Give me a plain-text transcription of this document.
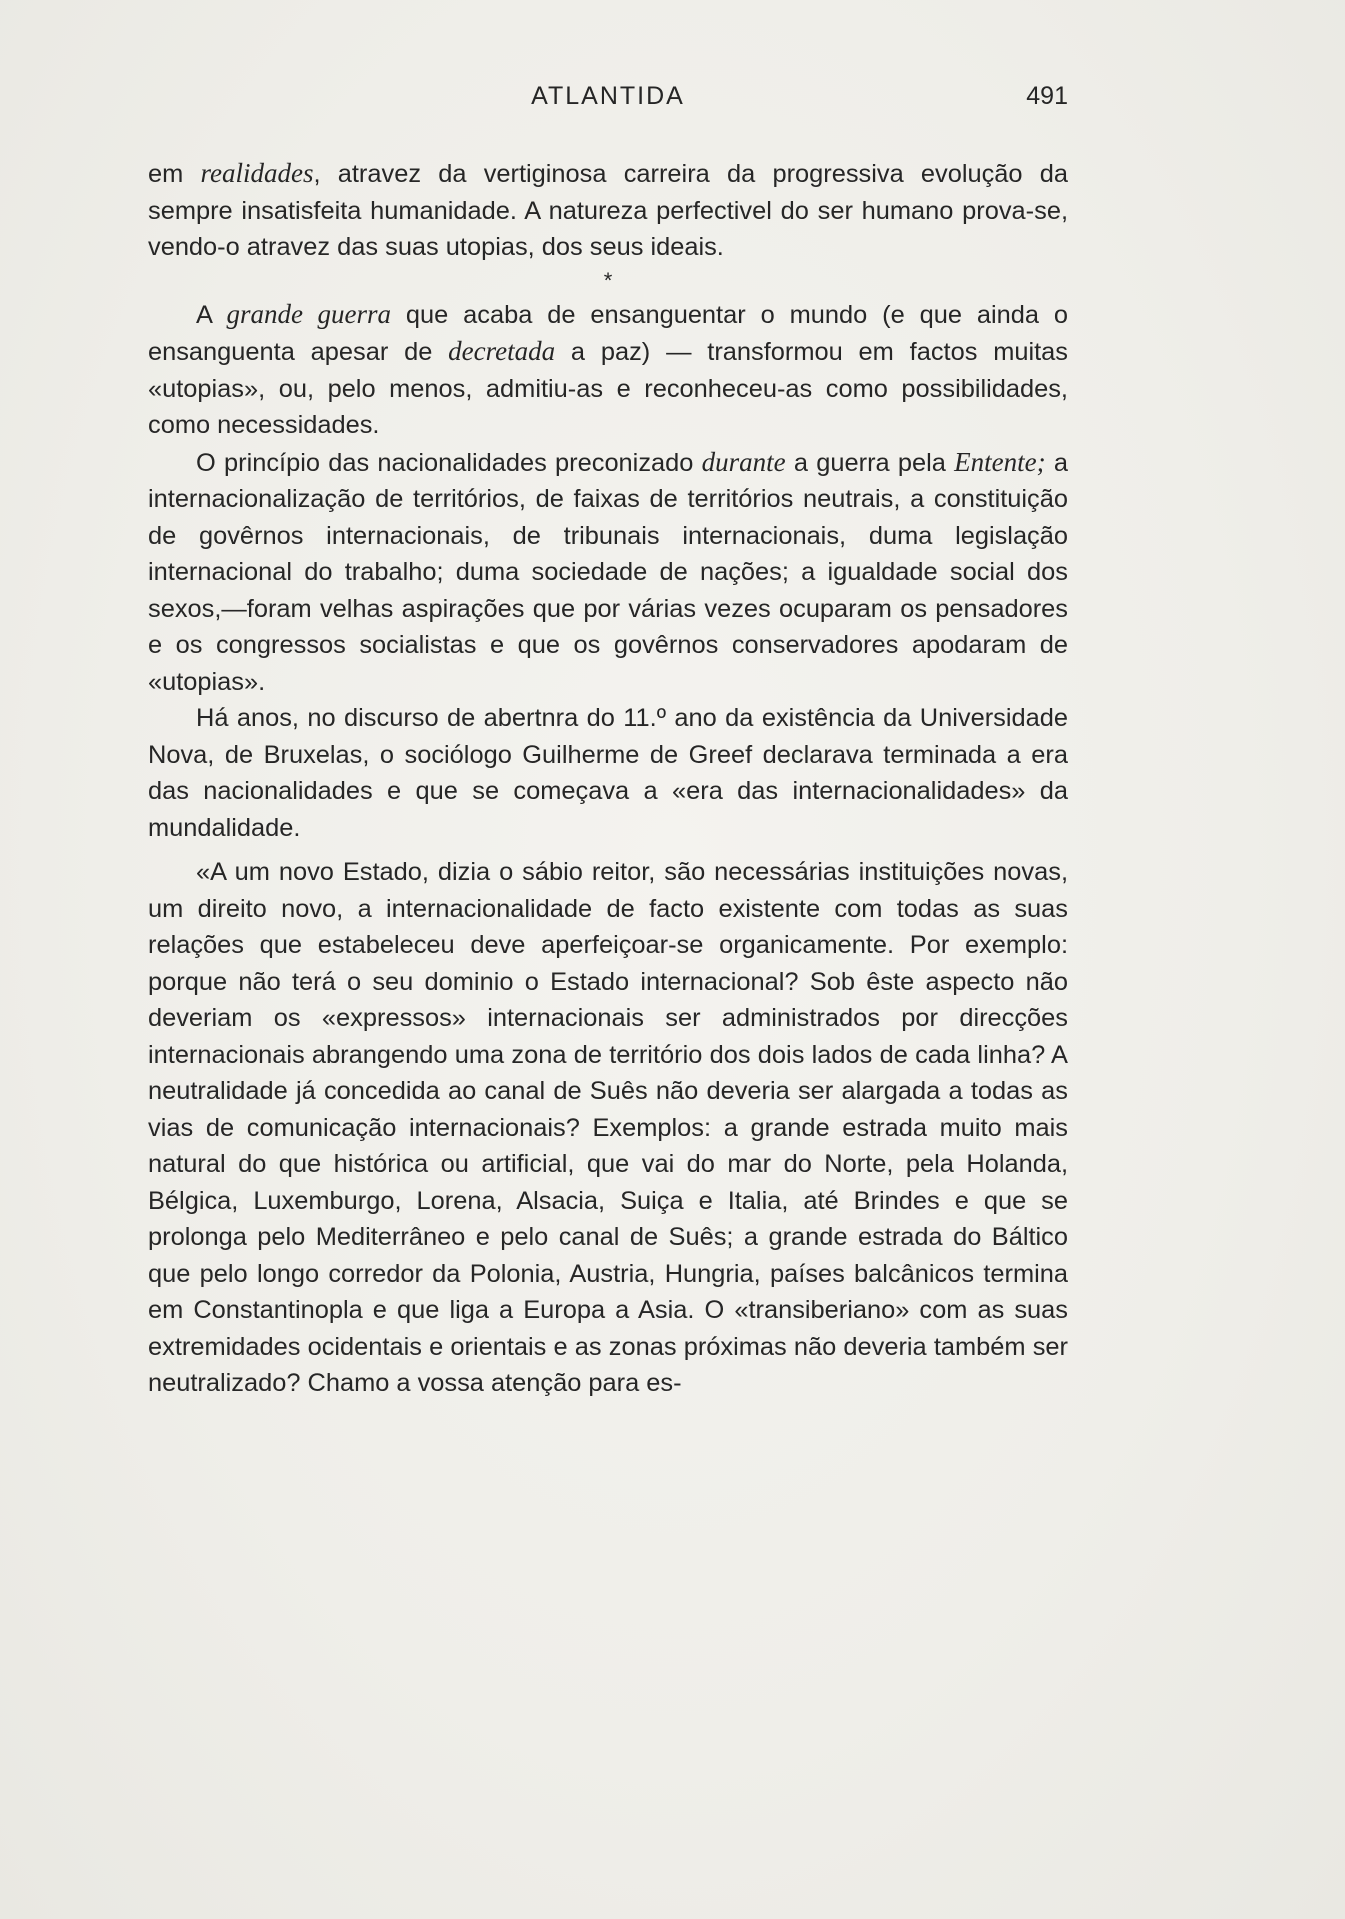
ATLANTIDA	491

em realidades, atravez da vertiginosa carreira da progressiva evolução da sempre insatisfeita humanidade. A natureza perfectivel do ser humano prova-se, vendo-o atravez das suas utopias, dos seus ideais.

*

A grande guerra que acaba de ensanguentar o mundo (e que ainda o ensanguenta apesar de decretada a paz) — transformou em factos muitas «utopias», ou, pelo menos, admitiu-as e reconheceu-as como possibilidades, como necessidades.

O princípio das nacionalidades preconizado durante a guerra pela Entente; a internacionalização de territórios, de faixas de territórios neutrais, a constituição de govêrnos internacionais, de tribunais internacionais, duma legislação internacional do trabalho; duma sociedade de nações; a igualdade social dos sexos,—foram velhas aspirações que por várias vezes ocuparam os pensadores e os congressos socialistas e que os govêrnos conservadores apodaram de «utopias».

Há anos, no discurso de abertnra do 11.º ano da existência da Universidade Nova, de Bruxelas, o sociólogo Guilherme de Greef declarava terminada a era das nacionalidades e que se começava a «era das internacionalidades» da mundalidade.

«A um novo Estado, dizia o sábio reitor, são necessárias instituições novas, um direito novo, a internacionalidade de facto existente com todas as suas relações que estabeleceu deve aperfeiçoar-se organicamente. Por exemplo: porque não terá o seu dominio o Estado internacional? Sob êste aspecto não deveriam os «expressos» internacionais ser administrados por direcções internacionais abrangendo uma zona de território dos dois lados de cada linha? A neutralidade já concedida ao canal de Suês não deveria ser alargada a todas as vias de comunicação internacionais? Exemplos: a grande estrada muito mais natural do que histórica ou artificial, que vai do mar do Norte, pela Holanda, Bélgica, Luxemburgo, Lorena, Alsacia, Suiça e Italia, até Brindes e que se prolonga pelo Mediterrâneo e pelo canal de Suês; a grande estrada do Báltico que pelo longo corredor da Polonia, Austria, Hungria, países balcânicos termina em Constantinopla e que liga a Europa a Asia. O «transiberiano» com as suas extremidades ocidentais e orientais e as zonas próximas não deveria também ser neutralizado? Chamo a vossa atenção para es-
